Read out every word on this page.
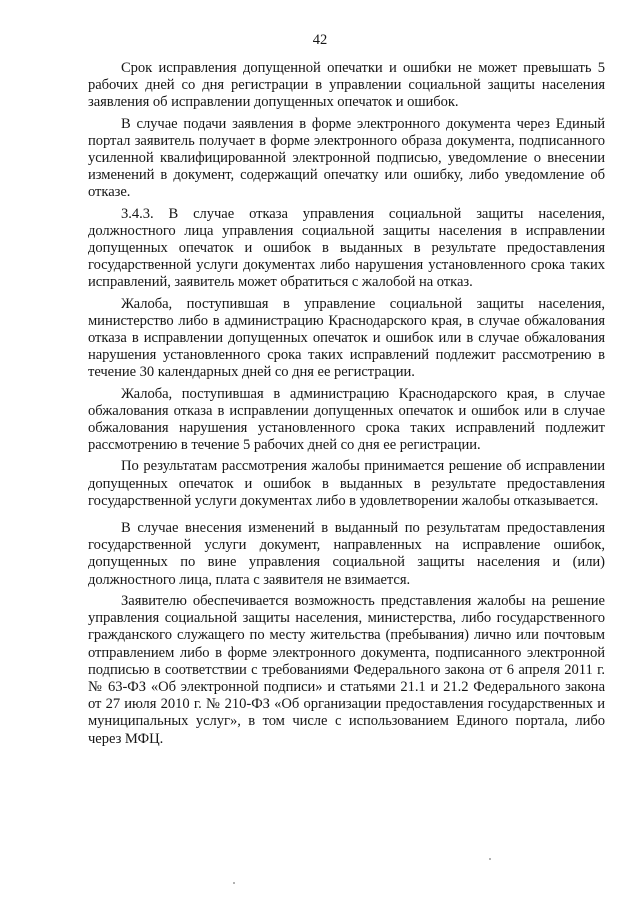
42

Срок исправления допущенной опечатки и ошибки не может превышать 5 рабочих дней со дня регистрации в управлении социальной защиты населения заявления об исправлении допущенных опечаток и ошибок.

В случае подачи заявления в форме электронного документа через Единый портал заявитель получает в форме электронного образа документа, подписанного усиленной квалифицированной электронной подписью, уведомление о внесении изменений в документ, содержащий опечатку или ошибку, либо уведомление об отказе.

3.4.3. В случае отказа управления социальной защиты населения, должностного лица управления социальной защиты населения в исправлении допущенных опечаток и ошибок в выданных в результате предоставления государственной услуги документах либо нарушения установленного срока таких исправлений, заявитель может обратиться с жалобой на отказ.

Жалоба, поступившая в управление социальной защиты населения, министерство либо в администрацию Краснодарского края, в случае обжалования отказа в исправлении допущенных опечаток и ошибок или в случае обжалования нарушения установленного срока таких исправлений подлежит рассмотрению в течение 30 календарных дней со дня ее регистрации.

Жалоба, поступившая в администрацию Краснодарского края, в случае обжалования отказа в исправлении допущенных опечаток и ошибок или в случае обжалования нарушения установленного срока таких исправлений подлежит рассмотрению в течение 5 рабочих дней со дня ее регистрации.

По результатам рассмотрения жалобы принимается решение об исправлении допущенных опечаток и ошибок в выданных в результате предоставления государственной услуги документах либо в удовлетворении жалобы отказывается.

В случае внесения изменений в выданный по результатам предоставления государственной услуги документ, направленных на исправление ошибок, допущенных по вине управления социальной защиты населения и (или) должностного лица, плата с заявителя не взимается.

Заявителю обеспечивается возможность представления жалобы на решение управления социальной защиты населения, министерства, либо государственного гражданского служащего по месту жительства (пребывания) лично или почтовым отправлением либо в форме электронного документа, подписанного электронной подписью в соответствии с требованиями Федерального закона от 6 апреля 2011 г. № 63-ФЗ «Об электронной подписи» и статьями 21.1 и 21.2 Федерального закона от 27 июля 2010 г. № 210-ФЗ «Об организации предоставления государственных и муниципальных услуг», в том числе с использованием Единого портала, либо через МФЦ.
